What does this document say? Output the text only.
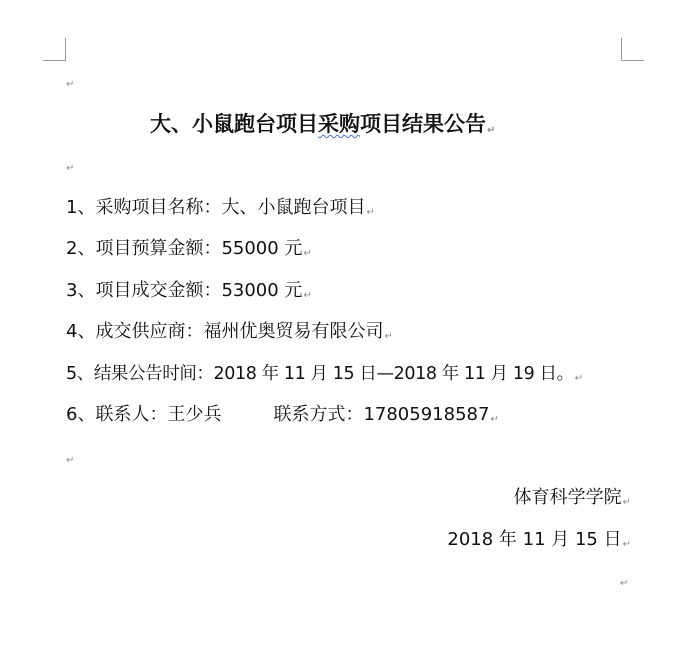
↵
大、小鼠跑台项目采购项目结果公告↵
↵
1、采购项目名称：大、小鼠跑台项目↵
2、项目预算金额：55000 元↵
3、项目成交金额：53000 元↵
4、成交供应商：福州优奥贸易有限公司↵
5、结果公告时间：2018 年 11 月 15 日—2018 年 11 月 19 日。↵
6、联系人：王少兵	联系方式：17805918587↵
↵
体育科学学院↵
2018 年 11 月 15 日↵
↵
